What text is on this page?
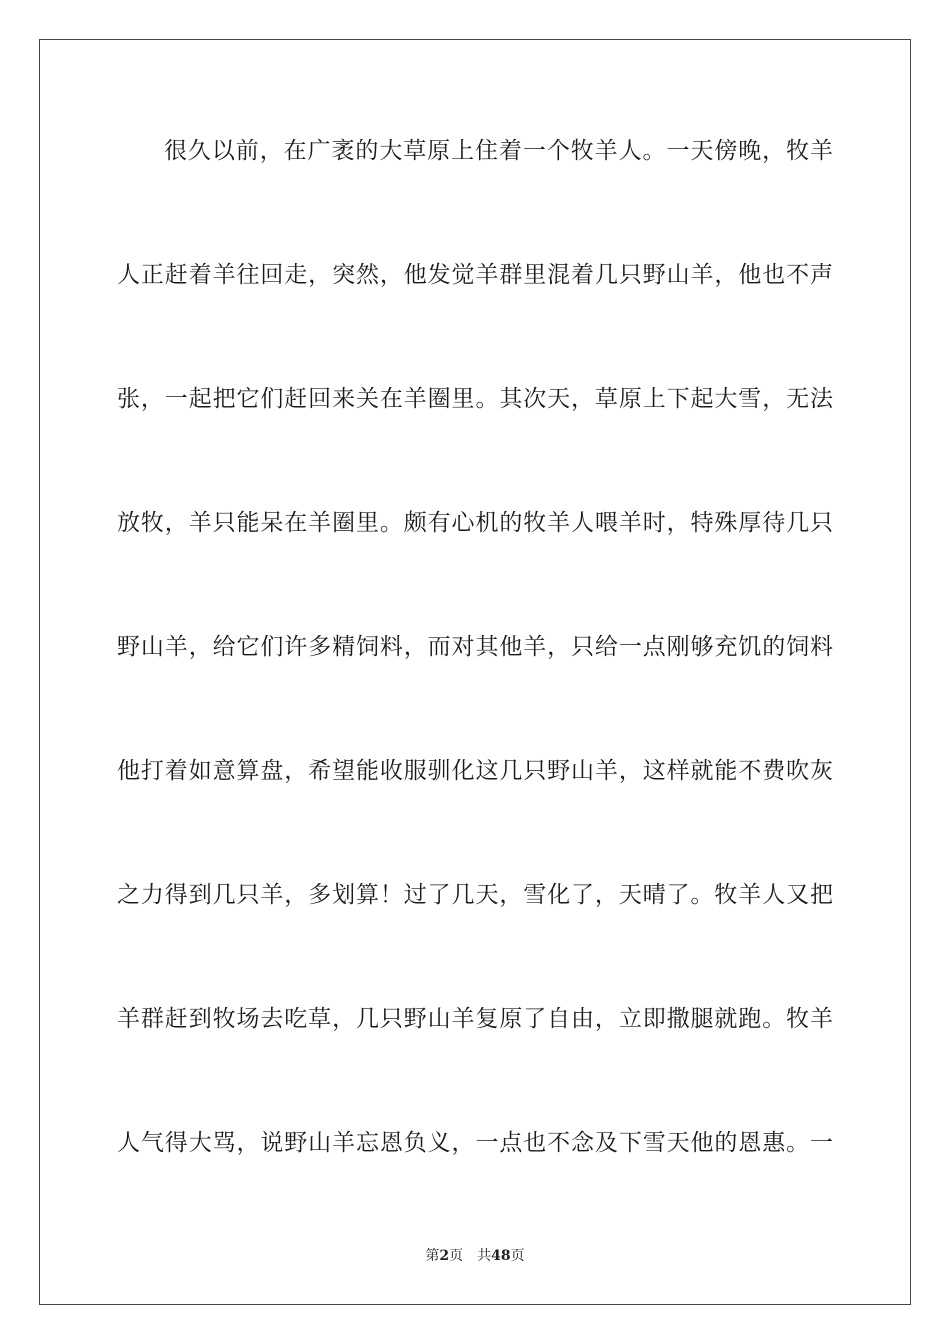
很久以前，在广袤的大草原上住着一个牧羊人。一天傍晚，牧羊
人正赶着羊往回走，突然，他发觉羊群里混着几只野山羊，他也不声
张，一起把它们赶回来关在羊圈里。其次天，草原上下起大雪，无法
放牧，羊只能呆在羊圈里。颇有心机的牧羊人喂羊时，特殊厚待几只
野山羊，给它们许多精饲料，而对其他羊，只给一点刚够充饥的饲料
他打着如意算盘，希望能收服驯化这几只野山羊，这样就能不费吹灰
之力得到几只羊，多划算！过了几天，雪化了，天晴了。牧羊人又把
羊群赶到牧场去吃草，几只野山羊复原了自由，立即撒腿就跑。牧羊
人气得大骂，说野山羊忘恩负义，一点也不念及下雪天他的恩惠。一
第2页 共48页
